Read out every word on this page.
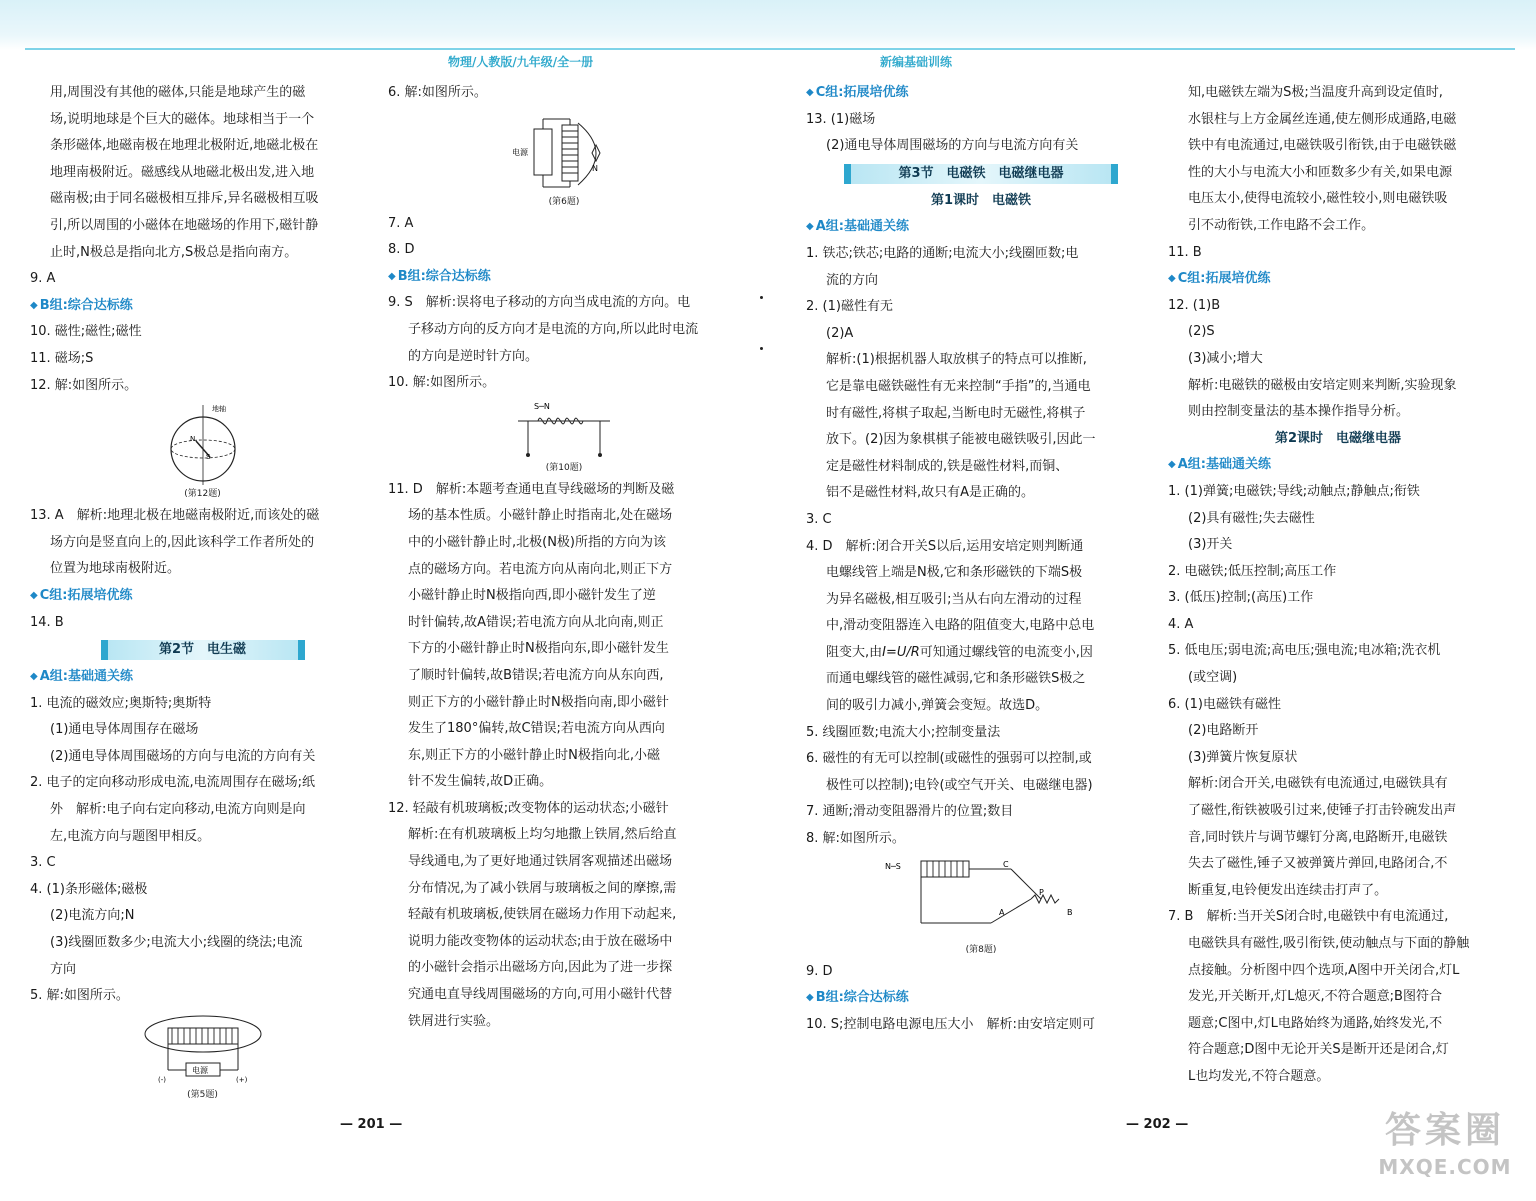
物理/人教版/九年级/全一册	新编基础训练

用,周围没有其他的磁体,只能是地球产生的磁

场,说明地球是个巨大的磁体。地球相当于一个

条形磁体,地磁南极在地理北极附近,地磁北极在

地理南极附近。磁感线从地磁北极出发,进入地

磁南极;由于同名磁极相互排斥,异名磁极相互吸

引,所以周围的小磁体在地磁场的作用下,磁针静

止时,N极总是指向北方,S极总是指向南方。

9. A

◆ B组:综合达标练

10. 磁性;磁性;磁性

11. 磁场;S

12. 解:如图所示。

地轴
S
N
(第12题)

13. A　解析:地理北极在地磁南极附近,而该处的磁

场方向是竖直向上的,因此该科学工作者所处的

位置为地球南极附近。

◆ C组:拓展培优练

14. B

第2节　电生磁

◆ A组:基础通关练

1. 电流的磁效应;奥斯特;奥斯特

(1)通电导体周围存在磁场

(2)通电导体周围磁场的方向与电流的方向有关

2. 电子的定向移动形成电流,电流周围存在磁场;纸

外　解析:电子向右定向移动,电流方向则是向

左,电流方向与题图甲相反。

3. C

4. (1)条形磁体;磁极

(2)电流方向;N

(3)线圈匝数多少;电流大小;线圈的绕法;电流

方向

5. 解:如图所示。

电源
(-)	(+)
(第5题)

6. 解:如图所示。

电源
N
(第6题)

7. A

8. D

◆ B组:综合达标练

9. S　解析:误将电子移动的方向当成电流的方向。电

子移动方向的反方向才是电流的方向,所以此时电流

的方向是逆时针方向。

10. 解:如图所示。

S─N
(第10题)

11. D　解析:本题考查通电直导线磁场的判断及磁

场的基本性质。小磁针静止时指南北,处在磁场

中的小磁针静止时,北极(N极)所指的方向为该

点的磁场方向。若电流方向从南向北,则正下方

小磁针静止时N极指向西,即小磁针发生了逆

时针偏转,故A错误;若电流方向从北向南,则正

下方的小磁针静止时N极指向东,即小磁针发生

了顺时针偏转,故B错误;若电流方向从东向西,

则正下方的小磁针静止时N极指向南,即小磁针

发生了180°偏转,故C错误;若电流方向从西向

东,则正下方的小磁针静止时N极指向北,小磁

针不发生偏转,故D正确。

12. 轻敲有机玻璃板;改变物体的运动状态;小磁针

解析:在有机玻璃板上均匀地撒上铁屑,然后给直

导线通电,为了更好地通过铁屑客观描述出磁场

分布情况,为了减小铁屑与玻璃板之间的摩擦,需

轻敲有机玻璃板,使铁屑在磁场力作用下动起来,

说明力能改变物体的运动状态;由于放在磁场中

的小磁针会指示出磁场方向,因此为了进一步探

究通电直导线周围磁场的方向,可用小磁针代替

铁屑进行实验。

◆ C组:拓展培优练

13. (1)磁场

(2)通电导体周围磁场的方向与电流方向有关

第3节　电磁铁　电磁继电器

第1课时　电磁铁

◆ A组:基础通关练

1. 铁芯;铁芯;电路的通断;电流大小;线圈匝数;电

流的方向

2. (1)磁性有无

(2)A

解析:(1)根据机器人取放棋子的特点可以推断,

它是靠电磁铁磁性有无来控制“手指”的,当通电

时有磁性,将棋子取起,当断电时无磁性,将棋子

放下。(2)因为象棋棋子能被电磁铁吸引,因此一

定是磁性材料制成的,铁是磁性材料,而铜、

铝不是磁性材料,故只有A是正确的。

3. C

4. D　解析:闭合开关S以后,运用安培定则判断通

电螺线管上端是N极,它和条形磁铁的下端S极

为异名磁极,相互吸引;当从右向左滑动的过程

中,滑动变阻器连入电路的阻值变大,电路中总电

阻变大,由I=U/R可知通过螺线管的电流变小,因

而通电螺线管的磁性减弱,它和条形磁铁S极之

间的吸引力减小,弹簧会变短。故选D。

5. 线圈匝数;电流大小;控制变量法

6. 磁性的有无可以控制(或磁性的强弱可以控制,或

极性可以控制);电铃(或空气开关、电磁继电器)

7. 通断;滑动变阻器滑片的位置;数目

8. 解:如图所示。

N─S	C
B
A
P
(第8题)

9. D

◆ B组:综合达标练

10. S;控制电路电源电压大小　解析:由安培定则可

知,电磁铁左端为S极;当温度升高到设定值时,

水银柱与上方金属丝连通,使左侧形成通路,电磁

铁中有电流通过,电磁铁吸引衔铁,由于电磁铁磁

性的大小与电流大小和匝数多少有关,如果电源

电压太小,使得电流较小,磁性较小,则电磁铁吸

引不动衔铁,工作电路不会工作。

11. B

◆ C组:拓展培优练

12. (1)B

(2)S

(3)减小;增大

解析:电磁铁的磁极由安培定则来判断,实验现象

则由控制变量法的基本操作指导分析。

第2课时　电磁继电器

◆ A组:基础通关练

1. (1)弹簧;电磁铁;导线;动触点;静触点;衔铁

(2)具有磁性;失去磁性

(3)开关

2. 电磁铁;低压控制;高压工作

3. (低压)控制;(高压)工作

4. A

5. 低电压;弱电流;高电压;强电流;电冰箱;洗衣机

(或空调)

6. (1)电磁铁有磁性

(2)电路断开

(3)弹簧片恢复原状

解析:闭合开关,电磁铁有电流通过,电磁铁具有

了磁性,衔铁被吸引过来,使锤子打击铃碗发出声

音,同时铁片与调节螺钉分离,电路断开,电磁铁

失去了磁性,锤子又被弹簧片弹回,电路闭合,不

断重复,电铃便发出连续击打声了。

7. B　解析:当开关S闭合时,电磁铁中有电流通过,

电磁铁具有磁性,吸引衔铁,使动触点与下面的静触

点接触。分析图中四个选项,A图中开关闭合,灯L

发光,开关断开,灯L熄灭,不符合题意;B图符合

题意;C图中,灯L电路始终为通路,始终发光,不

符合题意;D图中无论开关S是断开还是闭合,灯

L也均发光,不符合题意。

— 201 —	— 202 —	答案圈
MXQE.COM
